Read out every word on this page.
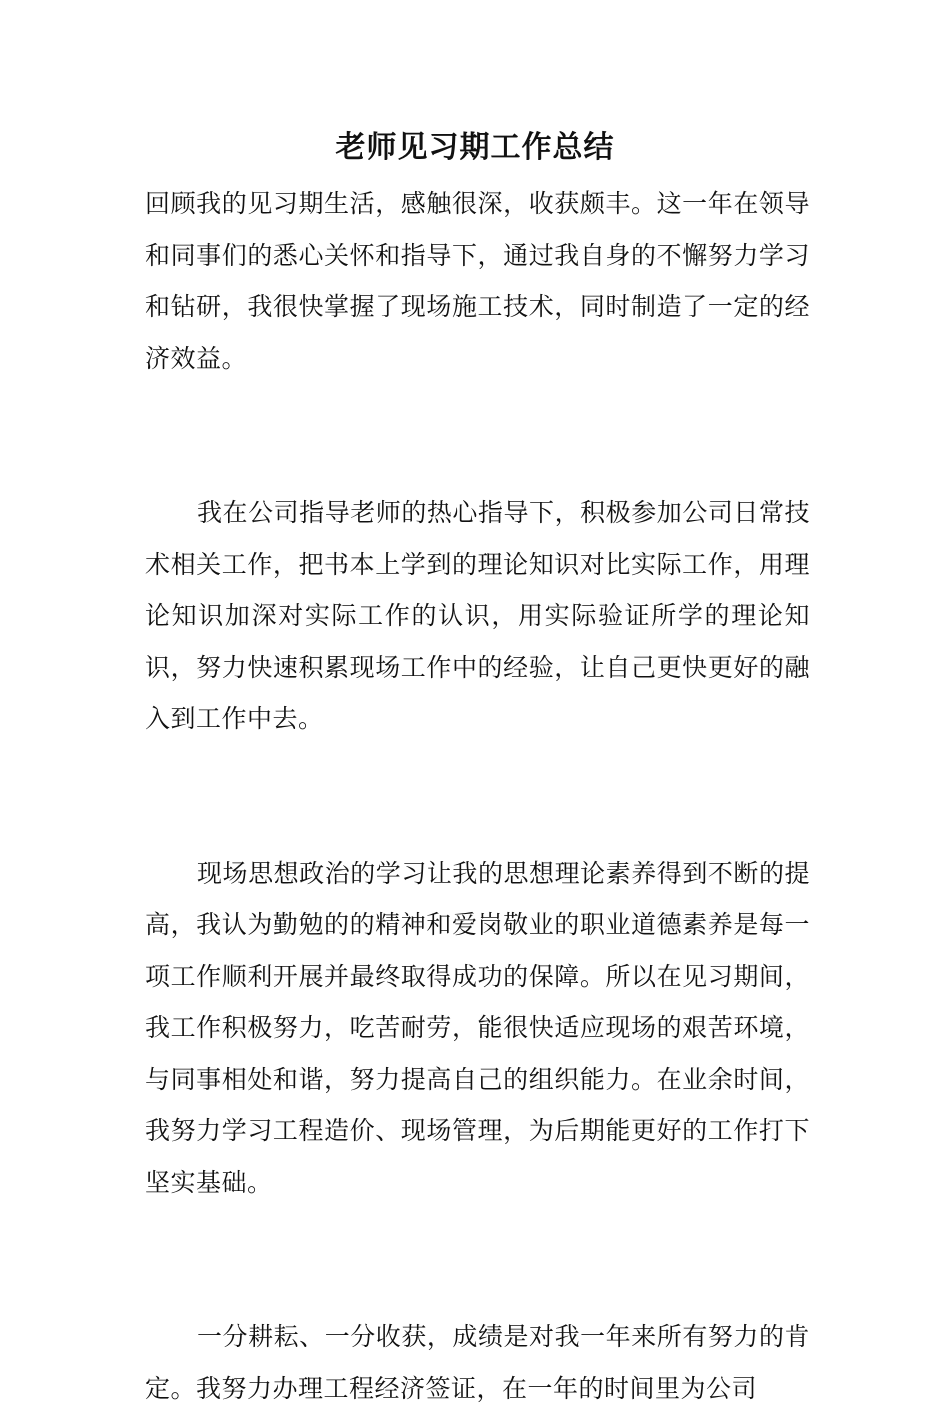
老师见习期工作总结

回顾我的见习期生活，感触很深，收获颇丰。这一年在领导和同事们的悉心关怀和指导下，通过我自身的不懈努力学习和钻研，我很快掌握了现场施工技术，同时制造了一定的经济效益。

我在公司指导老师的热心指导下，积极参加公司日常技术相关工作，把书本上学到的理论知识对比实际工作，用理论知识加深对实际工作的认识，用实际验证所学的理论知识，努力快速积累现场工作中的经验，让自己更快更好的融入到工作中去。

现场思想政治的学习让我的思想理论素养得到不断的提高，我认为勤勉的的精神和爱岗敬业的职业道德素养是每一项工作顺利开展并最终取得成功的保障。所以在见习期间，我工作积极努力，吃苦耐劳，能很快适应现场的艰苦环境，与同事相处和谐，努力提高自己的组织能力。在业余时间，我努力学习工程造价、现场管理，为后期能更好的工作打下坚实基础。

一分耕耘、一分收获，成绩是对我一年来所有努力的肯定。我努力办理工程经济签证，在一年的时间里为公司
